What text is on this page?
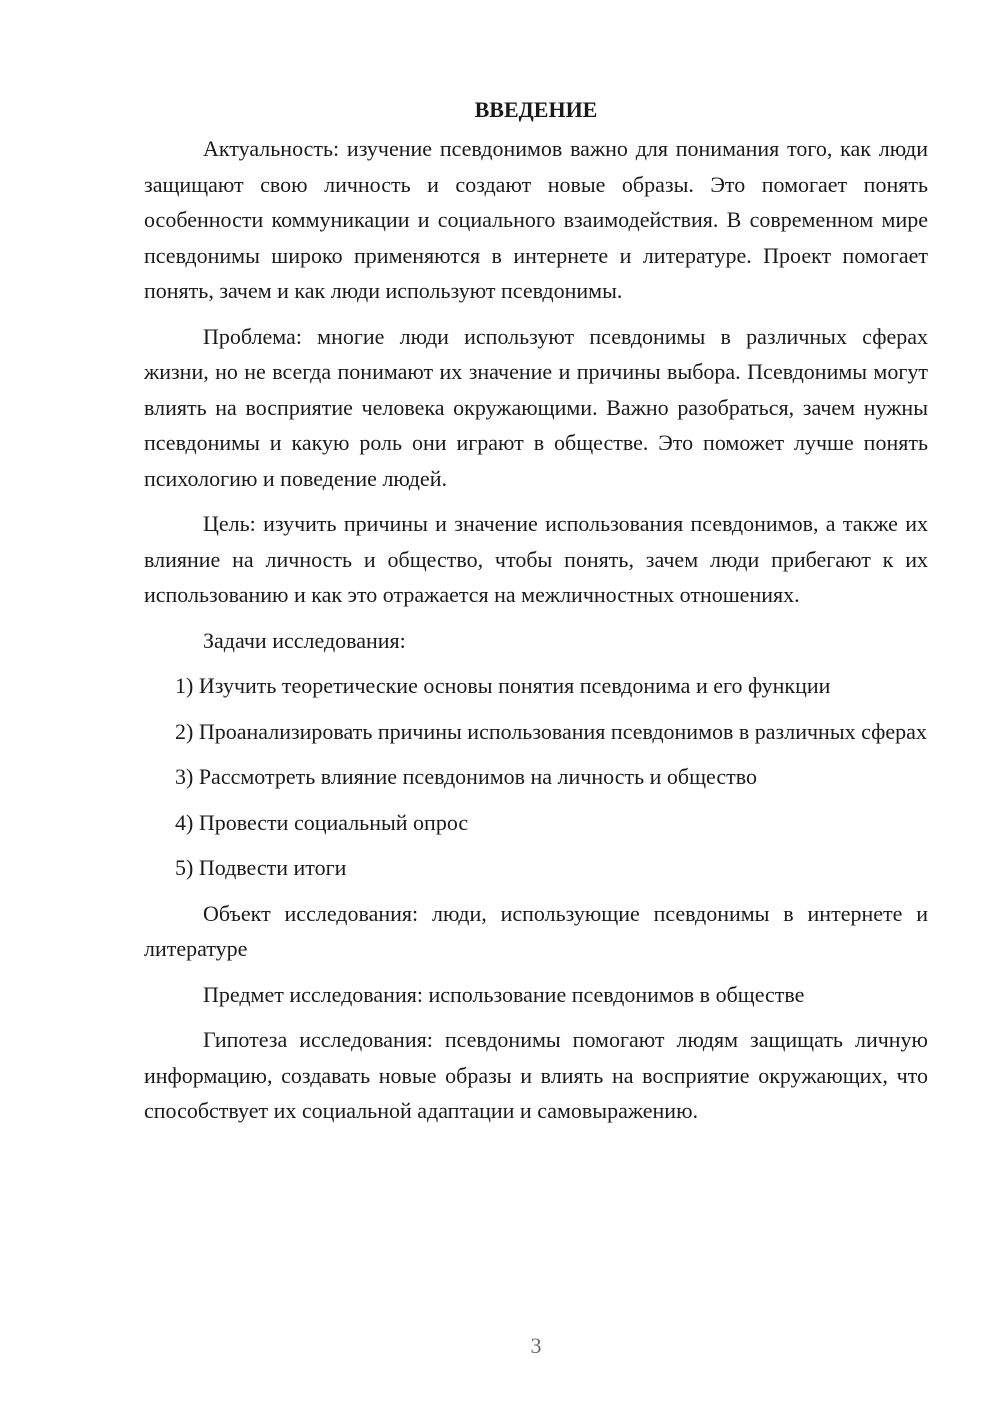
ВВЕДЕНИЕ

Актуальность: изучение псевдонимов важно для понимания того, как люди защищают свою личность и создают новые образы. Это помогает понять особенности коммуникации и социального взаимодействия. В современном мире псевдонимы широко применяются в интернете и литературе. Проект помогает понять, зачем и как люди используют псевдонимы.

Проблема: многие люди используют псевдонимы в различных сферах жизни, но не всегда понимают их значение и причины выбора. Псевдонимы могут влиять на восприятие человека окружающими. Важно разобраться, зачем нужны псевдонимы и какую роль они играют в обществе. Это поможет лучше понять психологию и поведение людей.

Цель: изучить причины и значение использования псевдонимов, а также их влияние на личность и общество, чтобы понять, зачем люди прибегают к их использованию и как это отражается на межличностных отношениях.

Задачи исследования:

1) Изучить теоретические основы понятия псевдонима и его функции

2) Проанализировать причины использования псевдонимов в различных сферах

3) Рассмотреть влияние псевдонимов на личность и общество

4) Провести социальный опрос

5) Подвести итоги

Объект исследования: люди, использующие псевдонимы в интернете и литературе

Предмет исследования: использование псевдонимов в обществе

Гипотеза исследования: псевдонимы помогают людям защищать личную информацию, создавать новые образы и влиять на восприятие окружающих, что способствует их социальной адаптации и самовыражению.

3
